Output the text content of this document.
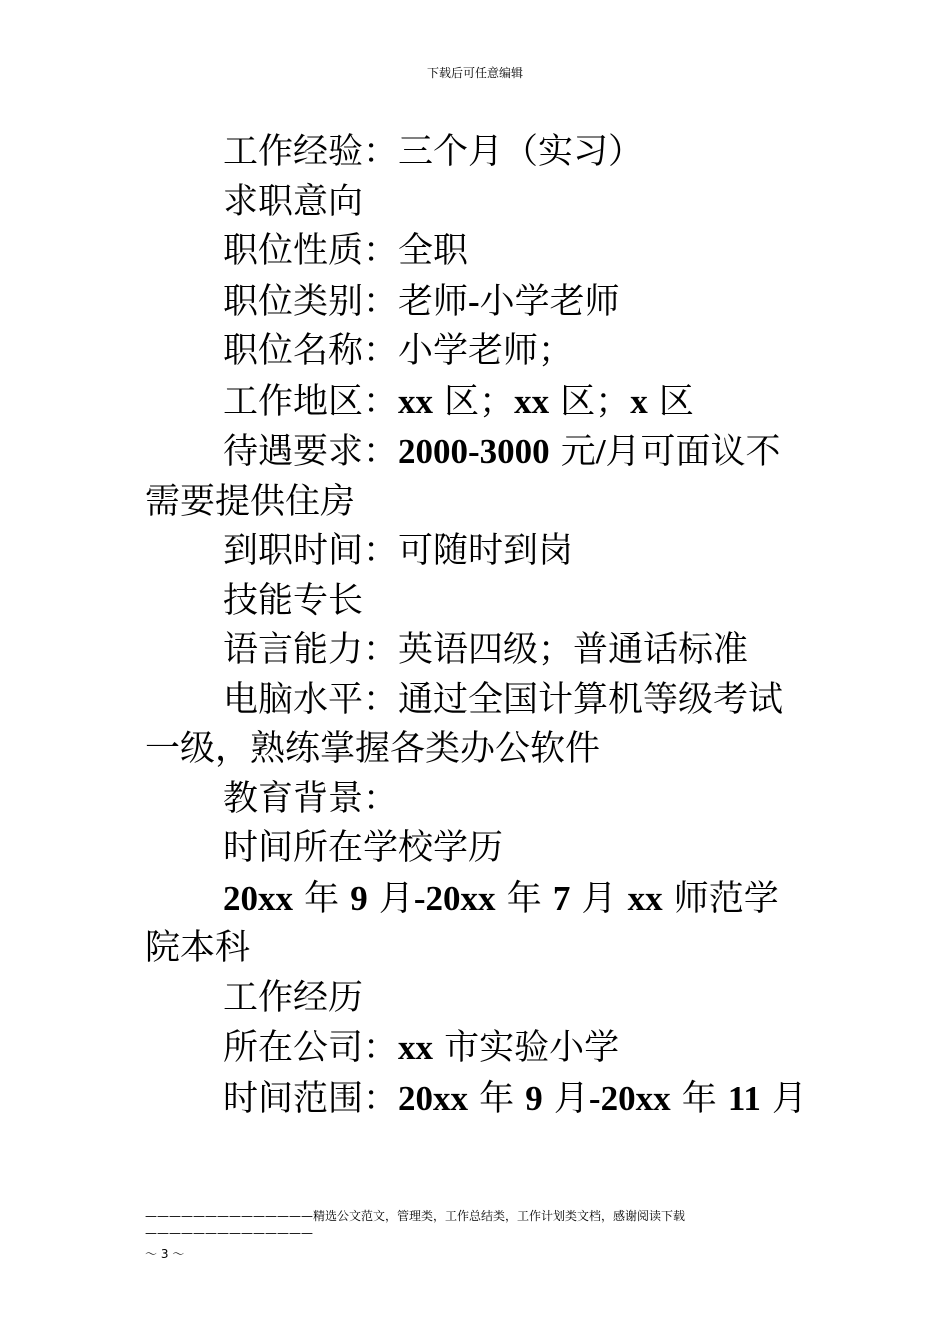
下载后可任意编辑

工作经验：三个月（实习）

求职意向

职位性质：全职

职位类别：老师-小学老师

职位名称：小学老师；

工作地区：xx 区；xx 区；x 区

待遇要求：2000-3000 元/月可面议不需要提供住房

到职时间：可随时到岗

技能专长

语言能力：英语四级；普通话标准

电脑水平：通过全国计算机等级考试一级，熟练掌握各类办公软件

教育背景：

时间所在学校学历

20xx 年 9 月-20xx 年 7 月 xx 师范学院本科

工作经历

所在公司：xx 市实验小学

时间范围：20xx 年 9 月-20xx 年 11 月

——————————————精选公文范文，管理类，工作总结类，工作计划类文档，感谢阅读下载——————————————
～ 3 ～
